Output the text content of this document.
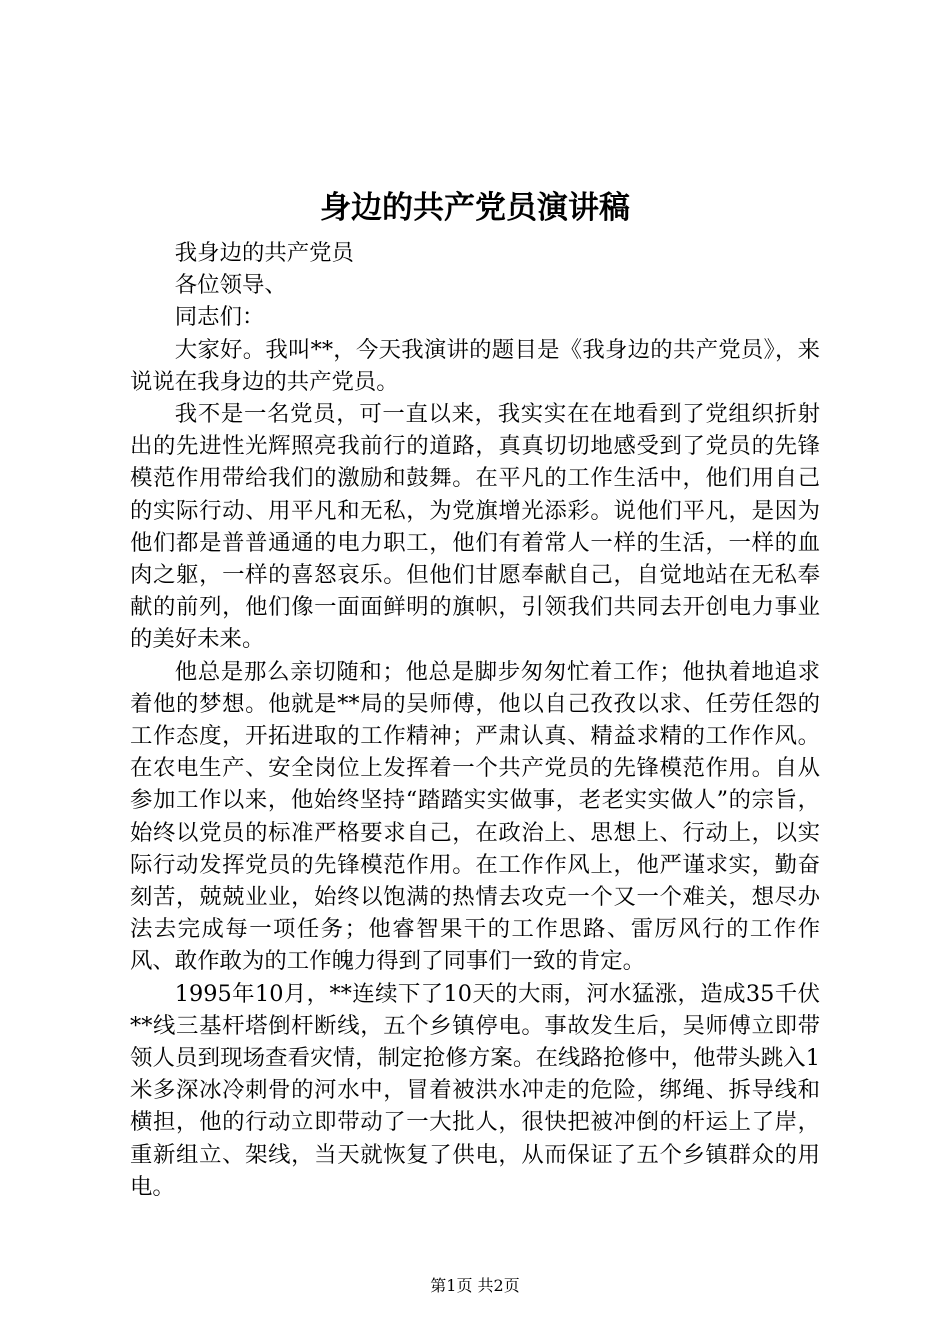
身边的共产党员演讲稿

我身边的共产党员

各位领导、

同志们：

大家好。我叫**，今天我演讲的题目是《我身边的共产党员》，来说说在我身边的共产党员。

我不是一名党员，可一直以来，我实实在在地看到了党组织折射出的先进性光辉照亮我前行的道路，真真切切地感受到了党员的先锋模范作用带给我们的激励和鼓舞。在平凡的工作生活中，他们用自己的实际行动、用平凡和无私，为党旗增光添彩。说他们平凡，是因为他们都是普普通通的电力职工，他们有着常人一样的生活，一样的血肉之躯，一样的喜怒哀乐。但他们甘愿奉献自己，自觉地站在无私奉献的前列，他们像一面面鲜明的旗帜，引领我们共同去开创电力事业的美好未来。

他总是那么亲切随和；他总是脚步匆匆忙着工作；他执着地追求着他的梦想。他就是**局的吴师傅，他以自己孜孜以求、任劳任怨的工作态度，开拓进取的工作精神；严肃认真、精益求精的工作作风。在农电生产、安全岗位上发挥着一个共产党员的先锋模范作用。自从参加工作以来，他始终坚持“踏踏实实做事，老老实实做人”的宗旨，始终以党员的标准严格要求自己，在政治上、思想上、行动上，以实际行动发挥党员的先锋模范作用。在工作作风上，他严谨求实，勤奋刻苦，兢兢业业，始终以饱满的热情去攻克一个又一个难关，想尽办法去完成每一项任务；他睿智果干的工作思路、雷厉风行的工作作风、敢作敢为的工作魄力得到了同事们一致的肯定。

1995年10月，**连续下了10天的大雨，河水猛涨，造成35千伏**线三基杆塔倒杆断线，五个乡镇停电。事故发生后，吴师傅立即带领人员到现场查看灾情，制定抢修方案。在线路抢修中，他带头跳入1米多深冰冷刺骨的河水中，冒着被洪水冲走的危险，绑绳、拆导线和横担，他的行动立即带动了一大批人，很快把被冲倒的杆运上了岸，重新组立、架线，当天就恢复了供电，从而保证了五个乡镇群众的用电。

第1页 共2页
